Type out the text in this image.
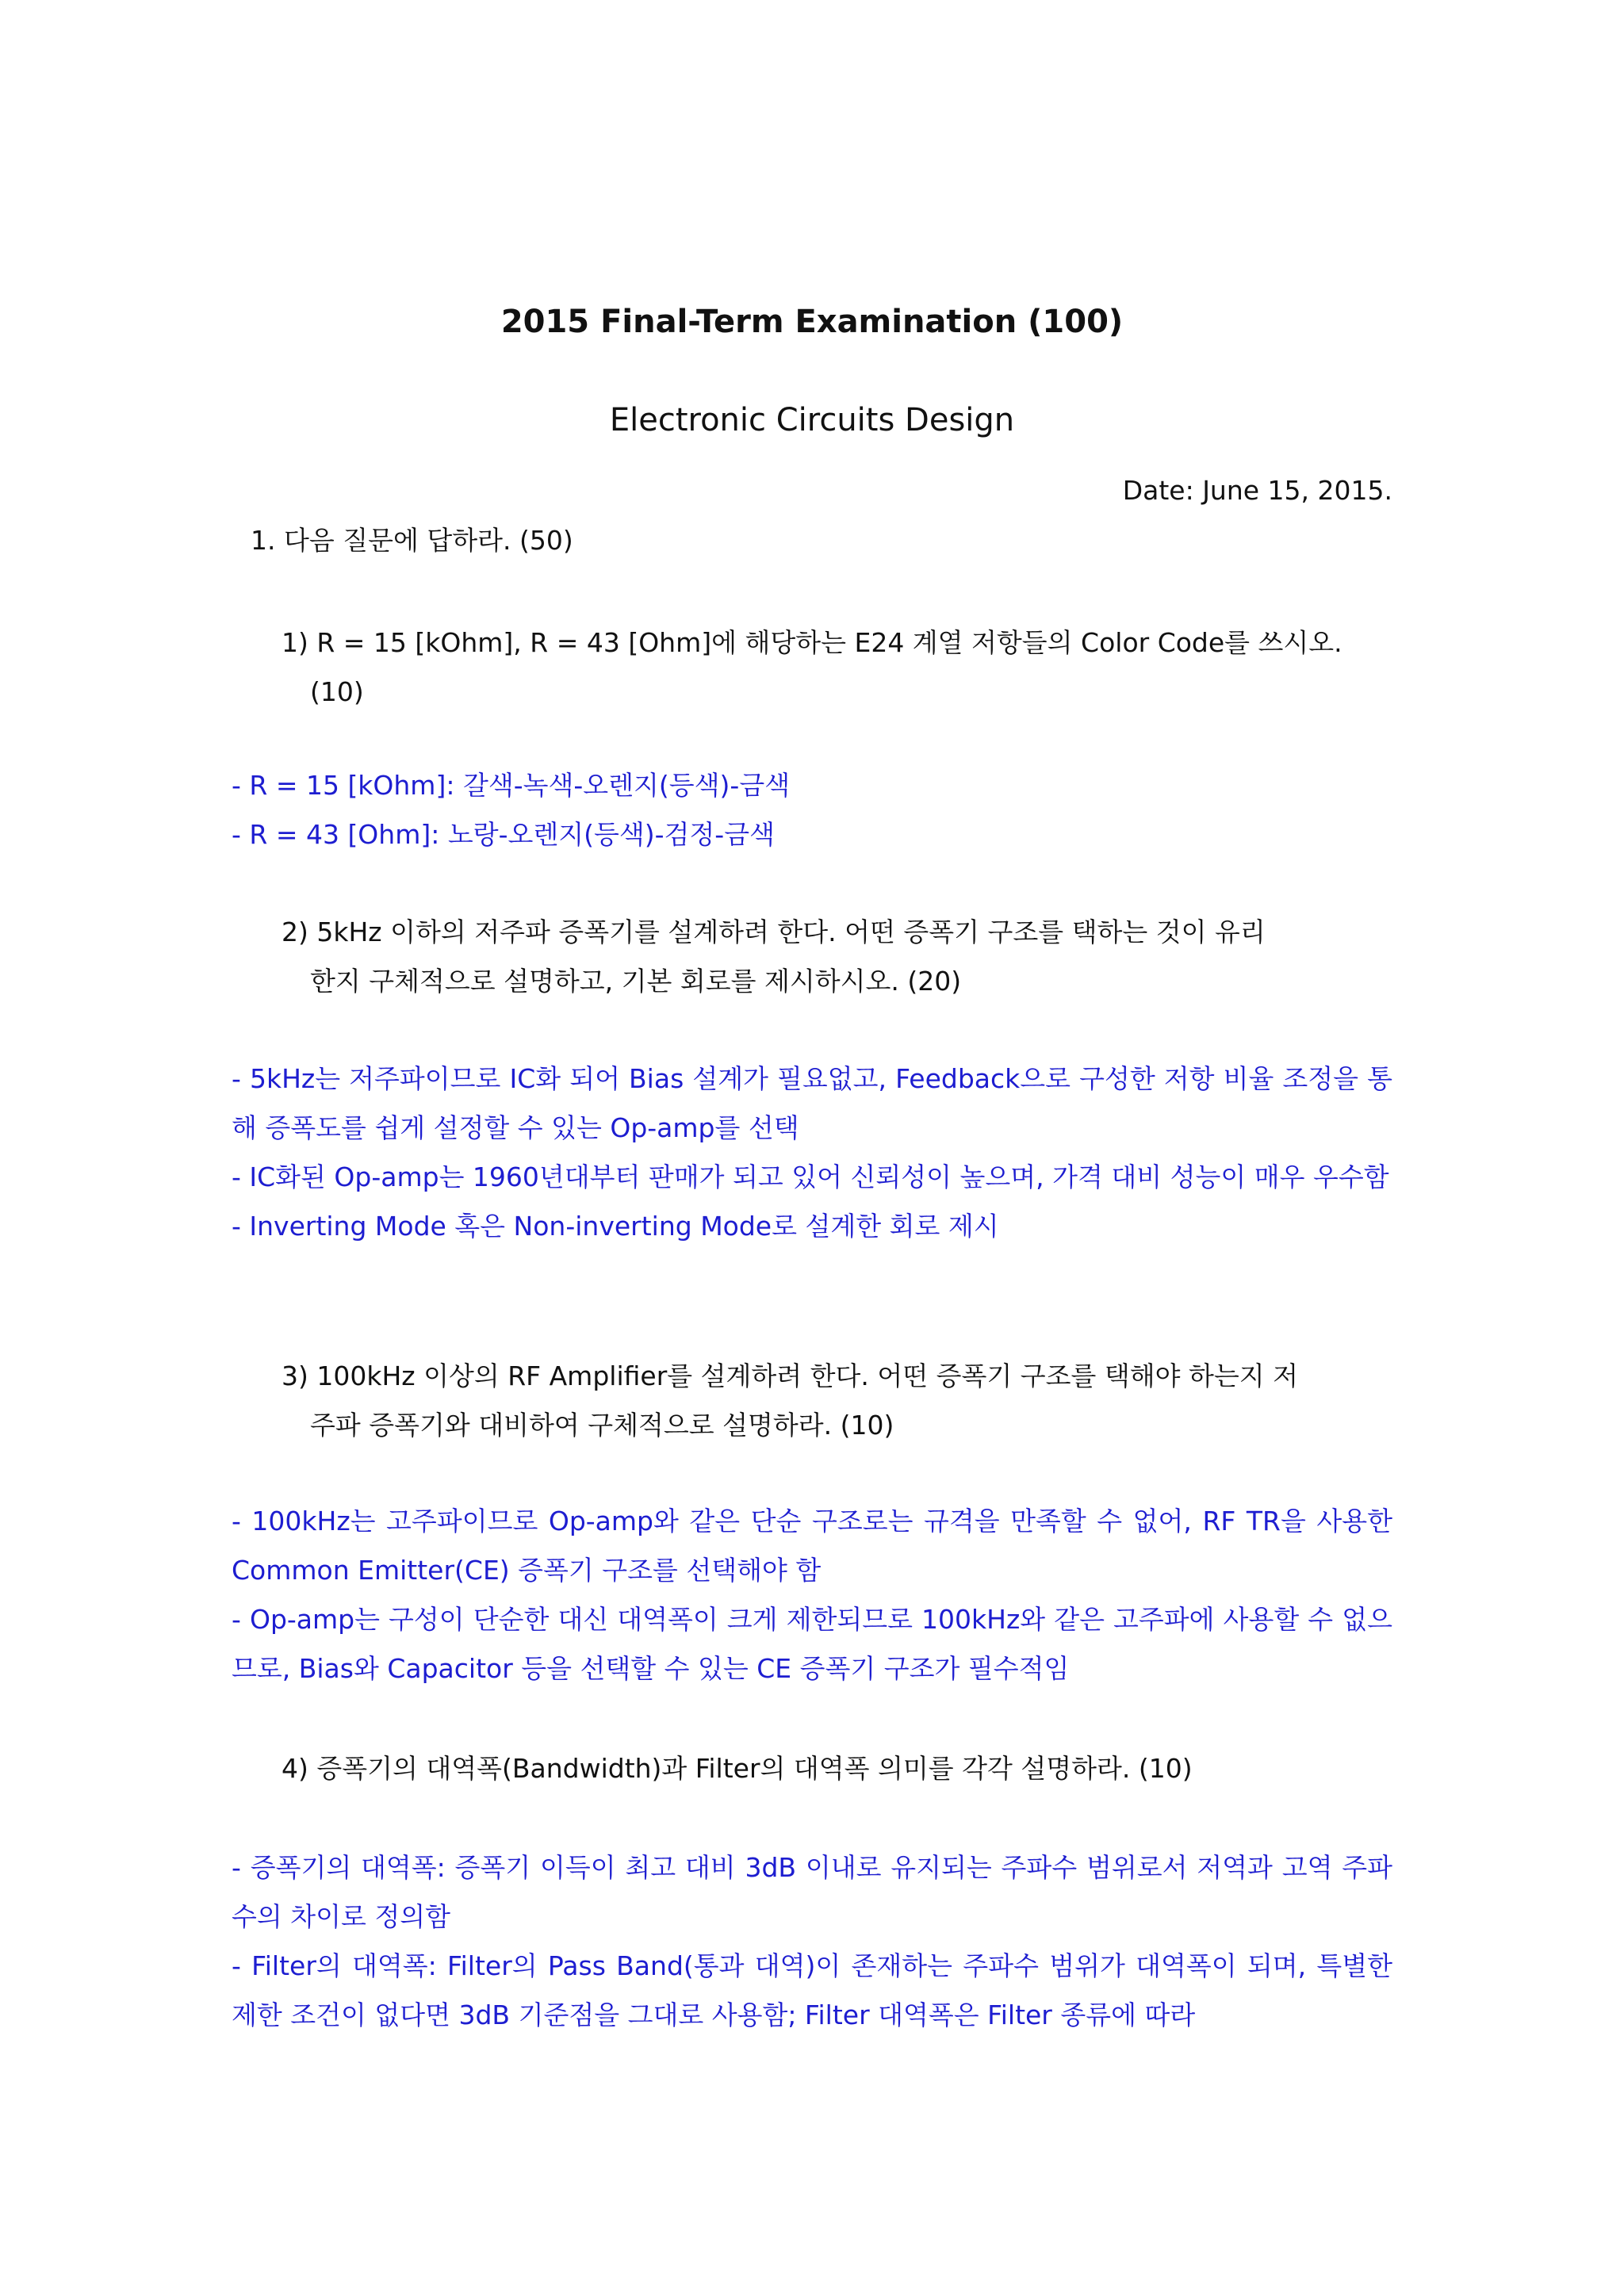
2015 Final-Term Examination (100)
Electronic Circuits Design
Date: June 15, 2015.
1. 다음 질문에 답하라. (50)
1) R = 15 [kOhm], R = 43 [Ohm]에 해당하는 E24 계열 저항들의 Color Code를 쓰시오.
(10)
- R = 15 [kOhm]: 갈색-녹색-오렌지(등색)-금색
- R = 43 [Ohm]: 노랑-오렌지(등색)-검정-금색
2) 5kHz 이하의 저주파 증폭기를 설계하려 한다. 어떤 증폭기 구조를 택하는 것이 유리
한지 구체적으로 설명하고, 기본 회로를 제시하시오. (20)
- 5kHz는 저주파이므로 IC화 되어 Bias 설계가 필요없고, Feedback으로 구성한 저항 비율 조정을 통해 증폭도를 쉽게 설정할 수 있는 Op-amp를 선택
- IC화된 Op-amp는 1960년대부터 판매가 되고 있어 신뢰성이 높으며, 가격 대비 성능이 매우 우수함
- Inverting Mode 혹은 Non-inverting Mode로 설계한 회로 제시
3) 100kHz 이상의 RF Amplifier를 설계하려 한다. 어떤 증폭기 구조를 택해야 하는지 저
주파 증폭기와 대비하여 구체적으로 설명하라. (10)
- 100kHz는 고주파이므로 Op-amp와 같은 단순 구조로는 규격을 만족할 수 없어, RF TR을 사용한 Common Emitter(CE) 증폭기 구조를 선택해야 함
- Op-amp는 구성이 단순한 대신 대역폭이 크게 제한되므로 100kHz와 같은 고주파에 사용할 수 없으므로, Bias와 Capacitor 등을 선택할 수 있는 CE 증폭기 구조가 필수적임
4) 증폭기의 대역폭(Bandwidth)과 Filter의 대역폭 의미를 각각 설명하라. (10)
- 증폭기의 대역폭: 증폭기 이득이 최고 대비 3dB 이내로 유지되는 주파수 범위로서 저역과 고역 주파수의 차이로 정의함
- Filter의 대역폭: Filter의 Pass Band(통과 대역)이 존재하는 주파수 범위가 대역폭이 되며, 특별한 제한 조건이 없다면 3dB 기준점을 그대로 사용함; Filter 대역폭은 Filter 종류에 따라
